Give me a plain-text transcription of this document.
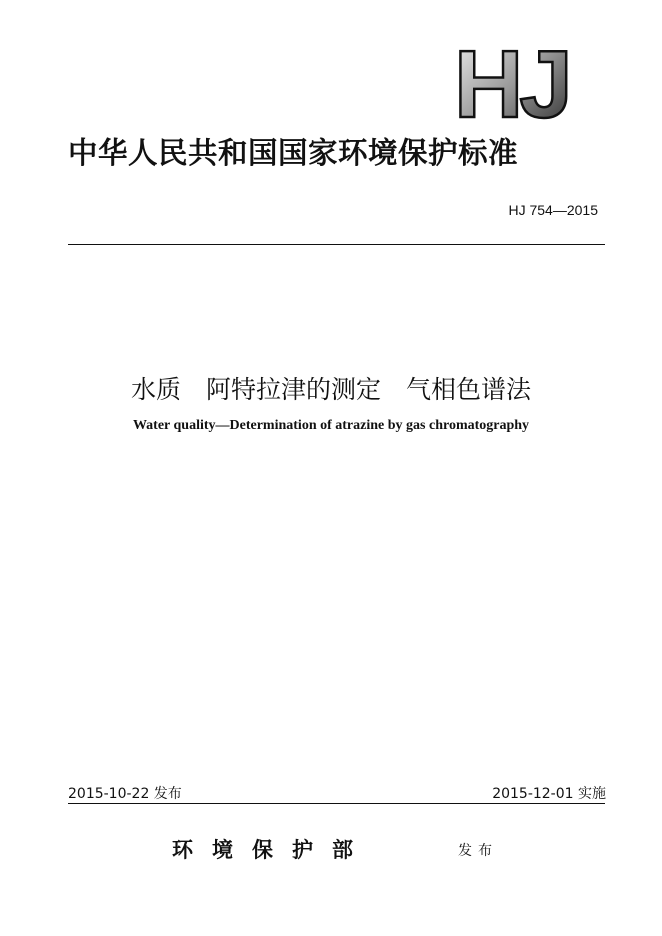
HJ
中华人民共和国国家环境保护标准
HJ 754—2015
水质　阿特拉津的测定　气相色谱法
Water quality—Determination of atrazine by gas chromatography
2015-10-22 发布	2015-12-01 实施
环境保护部	发布
